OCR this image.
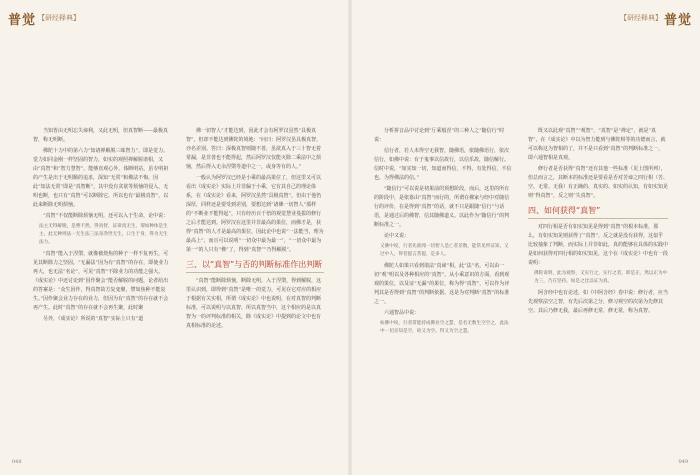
普觉 【研经释典】

当知皆由无明忘失谛利，又此无明，但真智断——最极真智，称无明断。

佛陀十力中的第六力“知诸禅解脱三昧智力”，即是觉力。觉力如同金刚一样坚固的智力，如实的观照禅解脱诸相，又由“真智”和“智力慧智”，能够直观心外，体断明站，虽专明祖的产生是出于无明顺的追求，深知“无常”和佛法不悔，因此“知法无常”即是“真智断”，其中没有贪欲等烦恼的侵入，无明也断，也只有“真智”可以断除它，所以也有“最极真智”，以此来断除无明烦恼。

“真智”不仅能断除烦恼无明，还可以入于生命，论中说：

法主无得解脱，是曹不然，得真智，证谛真无生，谓如种体是生主，此无种则法一无生法三法身净世无生，口生于身，得为无生法力。

“真智”能入于涅槃，就像被烧焦的种子一样不复再生，可见其断除力之坚固。“无漏法”因为有“真智”的存在，即使业力再大，也无法“名论”，可见“真智”不除业力的功能之强大。《成实论》中还讨论到“因作聚会”能否解脱的问题，论者给出的答案是：“众生因作，得真智故方复变聚，譬如焦种不能复生。”因作聚会业力存在的业力，但因为有“真智”的存在就不会再产生。此时“真智”的存在就不会再生聚，此时聚

另外，《成实论》所说的“真智”实际上只有“道

佛一切智人”才能达到，因此才会有阿罗汉虽然“具极真智”，但却不能达到佛陀的境地：“问曰：阿罗汉虽具极真智，亦名差别。答曰：深极真智则随不善，虽欲真入于三十智无着常漏，是非善也不能得起，然后阿罗汉仅能灭除二乘法中之烦恼，然后得入无余涅槃等道中之一，或身等有的人。”

一般认为阿罗汉已经是小乘的最高果位了，但这里又可以看出《成实论》实际上并非偏于小乘，它有其自己的理论体系，在《成实论》看来，阿罗汉虽然“具极真智”，但由于他仍深厚，同样还是要受到差别，要想达到“诸佛一切智人”那样的“不断业不能得起”，只有经历百千倍的观觉慧业曼拔的修行之后才能达到。阿罗汉在这里并非最高的果位，而佛才是，获得“真智”的人才是最高的果位，因此论中也说“一法能当，理为最高上”，而且可以说明“一切众中最为最一”，“一切众中最为第一”的人只有“佛”了，得到“真智”“乃得解脱”。

三、以“真智”与否的判断标准作出判断

“真智”能断除烦恼，断除无明，入于涅槃，得到解脱，这里认识到，即得到“真智”是唯一的觉力，可见在它对应的相应于根据有关实相，所谓《成实论》中也说明，在对真智的判断标准，可以说明与以真智、所以真智当中，这个相应的是以真智为一的评判标准的相关，除《成实论》中提到的论文中也有真相标准的论述。

048
【研经释典】 普觉

分析拼音品中讨论到“厅乘般涅”的三种人之“随信行”时说：

信行者，若人未得空无我智，随佛语，依随佛语行，依次信行，如佛中说：有于鬼事以信故行，以信乐故，随信解行。信时中说，“如实知一切，知道而得信，不得，有处得信，不信也，为得佛法的信。”

“随信行”可以说是初果前的预想阶段，而后，这里的所有的阶段中，是依靠由“真智”而行的，所谓在佛家与经中对随信行的评价，在是得到“真智”的话，就不只是跟随“信行”与话语，是通过后的佛智，信其随佛道义。以此作为“随信行”的判断标准之一。

论中又说：

又佛中说，行者先欲闻一切智人是亡者差数，能常见所证知，又过中人，得菩提言菩提，是多人。

佛陀人如果只看到诸法“真谛”相，此“法”名，可以由一切“观”明以及各种相应的“真智”，从小乘意识的方面，看到观观的果位，以及证“无漏”的果位，称为得“真智”，可以作为评判其是否得到“真智”的判断依据。这是为对判断“真智”的标准之一。

六通智品中说：

如佛中说，行者常能持成佛业空之慧，是名无数生空空之，此法中一切圣知是空，故又为空。得又为空之慧。

既又以此观“真智”“观智”，“真智”是“禅定”，就是“真智”，在《成实论》中以为智力能到与佛陀相等的功德而言，就可以称这为智相的了，并不是只看到“真智”的判断标准之一，即六通智相是真观。

修行者是否获得“真智”还有其他一些标准（见上图所列），但总而言之，其断本的标准还是要看是否对苦谛之四行相（苦、空、无常、无我）有正确的、真实的、如实的认知，有如实知见则“得真智”，反之则“失真智”。

四、如何获得“真智”

对四行相是否有如实知见是得到“真智”的根本标准，那么，有如实知见则获得了“真智”，反之就是没有获得，这似乎比较抽象了判断，而实际上并非如此，真的能够在具体的实践中是如何获得对四行相的如实知见，这个在《成实论》中也有一段说明：

佛陀说明，此为观察，又实行之，实行之者，即是正，然以正为中为三，乃在坚持。如是之比以证为真。

阿含经中也有论述，如《中阿含经》卷中说：修行者，应当先观察法空之智，有先后次第之分，修习观空的次第为先修其空。其后乃修无我，最后再修无常，修无常，称为真智。

049
